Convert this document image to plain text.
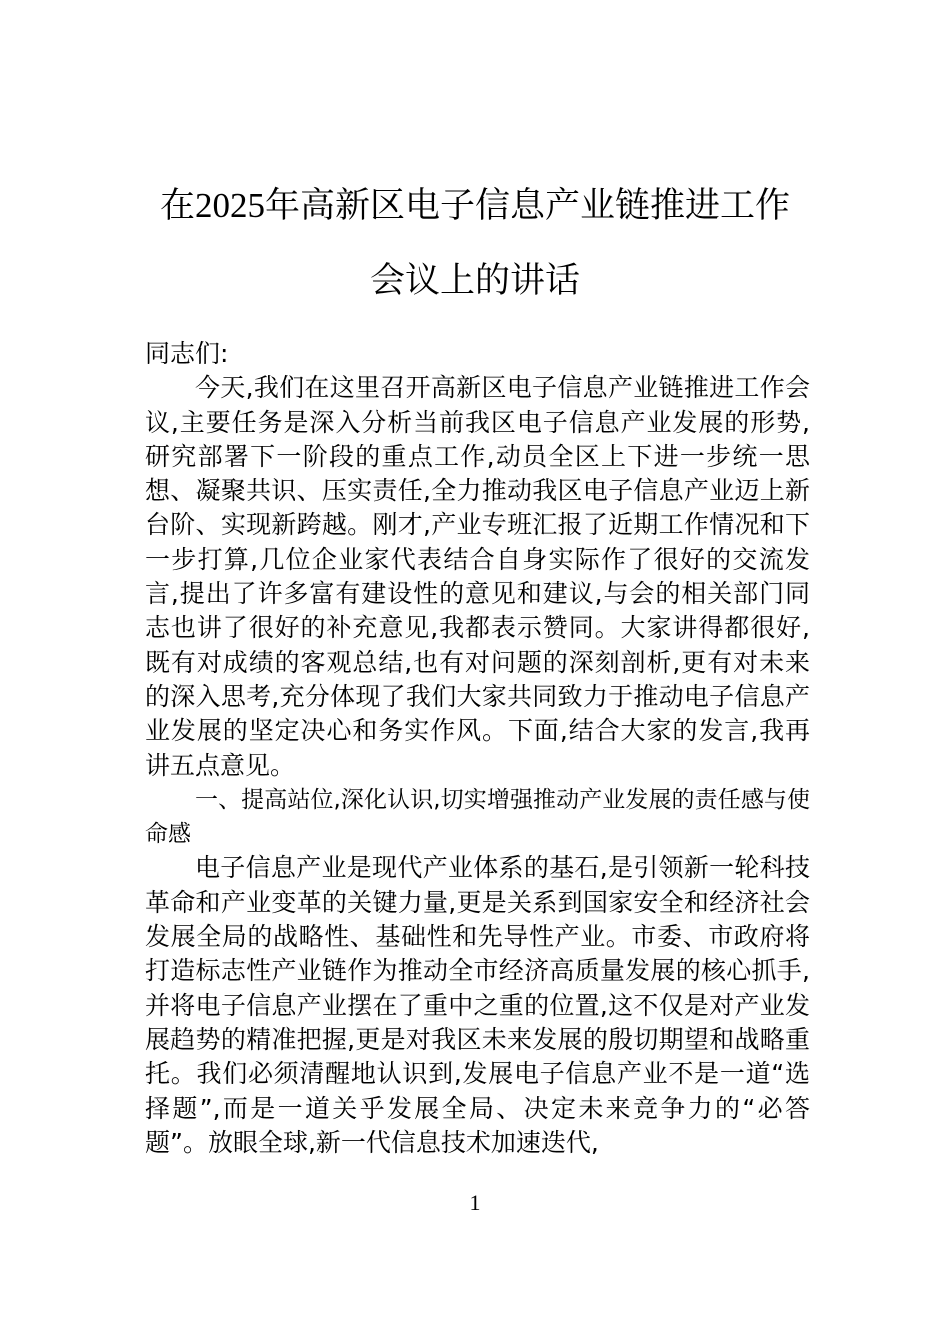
在2025年高新区电子信息产业链推进工作
会议上的讲话

同志们:

今天,我们在这里召开高新区电子信息产业链推进工作会议,主要任务是深入分析当前我区电子信息产业发展的形势,研究部署下一阶段的重点工作,动员全区上下进一步统一思想、凝聚共识、压实责任,全力推动我区电子信息产业迈上新台阶、实现新跨越。刚才,产业专班汇报了近期工作情况和下一步打算,几位企业家代表结合自身实际作了很好的交流发言,提出了许多富有建设性的意见和建议,与会的相关部门同志也讲了很好的补充意见,我都表示赞同。大家讲得都很好,既有对成绩的客观总结,也有对问题的深刻剖析,更有对未来的深入思考,充分体现了我们大家共同致力于推动电子信息产业发展的坚定决心和务实作风。下面,结合大家的发言,我再讲五点意见。

一、提高站位,深化认识,切实增强推动产业发展的责任感与使命感

电子信息产业是现代产业体系的基石,是引领新一轮科技革命和产业变革的关键力量,更是关系到国家安全和经济社会发展全局的战略性、基础性和先导性产业。市委、市政府将打造标志性产业链作为推动全市经济高质量发展的核心抓手,并将电子信息产业摆在了重中之重的位置,这不仅是对产业发展趋势的精准把握,更是对我区未来发展的殷切期望和战略重托。我们必须清醒地认识到,发展电子信息产业不是一道“选择题”,而是一道关乎发展全局、决定未来竞争力的“必答题”。放眼全球,新一代信息技术加速迭代,

1
